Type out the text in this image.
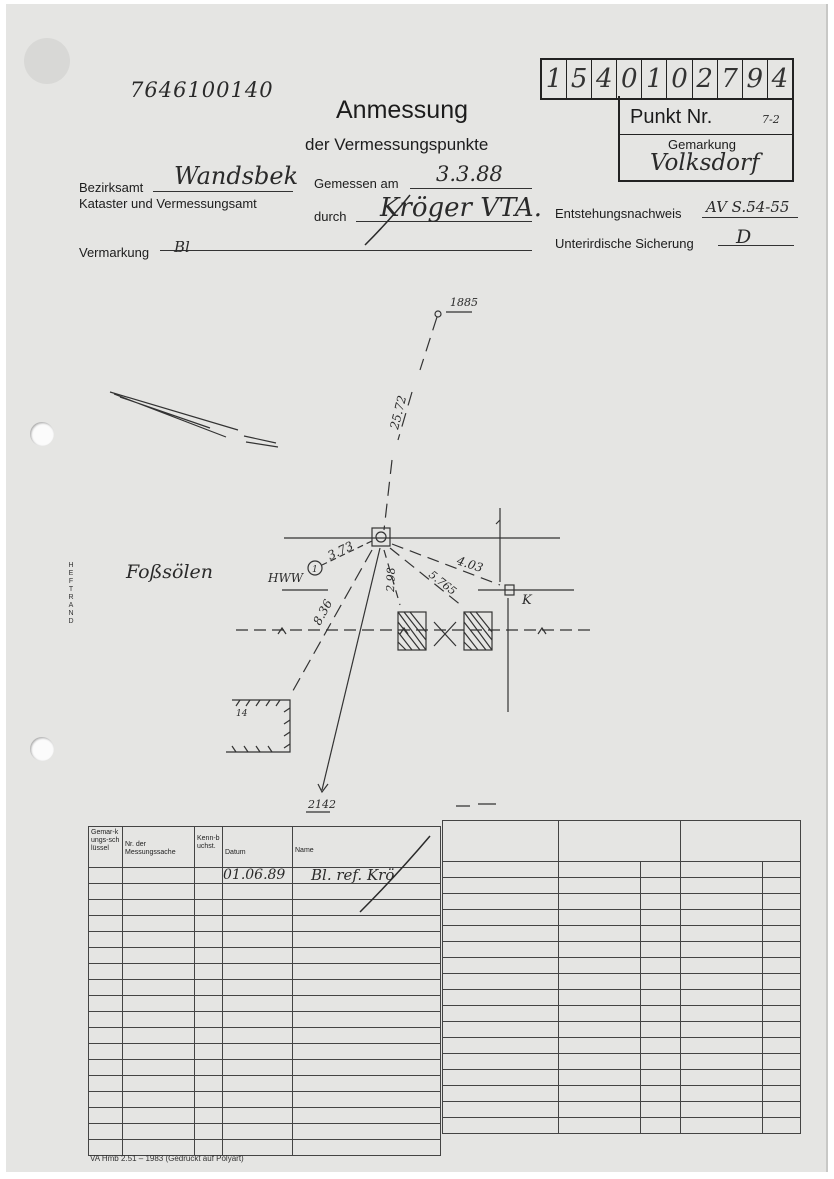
7646100140
Anmessung
der Vermessungspunkte
1 5 4 0 1 0 2 7 9 4
Punkt Nr.	7-2
Gemarkung
Volksdorf
Bezirksamt Wandsbek
Kataster und Vermessungsamt
Gemessen am 3.3.88
durch Kröger VTA. Entstehungsnachweis AV S.54-55
Vermarkung Bl	Unterirdische Sicherung D
H
E
F
T
R
A
N
D
1885
2142
Foßsölen	HWW
1
K
14
25.72
3.73
8.36
2.98	5.765
4.03
Gemar-kungs-schlüssel	Nr. der Messungssache	Kenn-buchst.	Datum	Name

			01.06.89	Bl. ref. Krö

VA Hmb 2.51 – 1983 (Gedruckt auf Polyart)
